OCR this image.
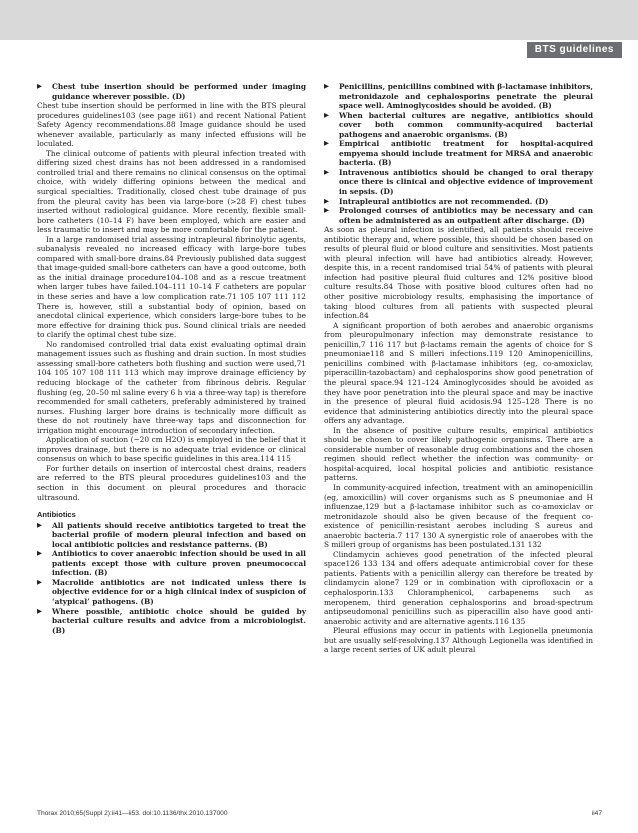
BTS guidelines
▶ Chest tube insertion should be performed under imaging guidance wherever possible. (D)

Chest tube insertion should be performed in line with the BTS pleural procedures guidelines103 (see page ii61) and recent National Patient Safety Agency recommendations.88 Image guidance should be used whenever available, particularly as many infected effusions will be loculated.

The clinical outcome of patients with pleural infection treated with differing sized chest drains has not been addressed in a randomised controlled trial and there remains no clinical consensus on the optimal choice, with widely differing opinions between the medical and surgical specialties. Traditionally, closed chest tube drainage of pus from the pleural cavity has been via large-bore (>28 F) chest tubes inserted without radiological guidance. More recently, flexible small-bore catheters (10–14 F) have been employed, which are easier and less traumatic to insert and may be more comfortable for the patient.

In a large randomised trial assessing intrapleural fibrinolytic agents, subanalysis revealed no increased efficacy with large-bore tubes compared with small-bore drains.84 Previously published data suggest that image-guided small-bore catheters can have a good outcome, both as the initial drainage procedure104–108 and as a rescue treatment when larger tubes have failed.104–111 10–14 F catheters are popular in these series and have a low complication rate.71 105 107 111 112 There is, however, still a substantial body of opinion, based on anecdotal clinical experience, which considers large-bore tubes to be more effective for draining thick pus. Sound clinical trials are needed to clarify the optimal chest tube size.

No randomised controlled trial data exist evaluating optimal drain management issues such as flushing and drain suction. In most studies assessing small-bore catheters both flushing and suction were used,71 104 105 107 108 111 113 which may improve drainage efficiency by reducing blockage of the catheter from fibrinous debris. Regular flushing (eg, 20–50 ml saline every 6 h via a three-way tap) is therefore recommended for small catheters, preferably administered by trained nurses. Flushing larger bore drains is technically more difficult as these do not routinely have three-way taps and disconnection for irrigation might encourage introduction of secondary infection.

Application of suction (−20 cm H2O) is employed in the belief that it improves drainage, but there is no adequate trial evidence or clinical consensus on which to base specific guidelines in this area.114 115

For further details on insertion of intercostal chest drains, readers are referred to the BTS pleural procedures guidelines103 and the section in this document on pleural procedures and thoracic ultrasound.

Antibiotics
▶ All patients should receive antibiotics targeted to treat the bacterial profile of modern pleural infection and based on local antibiotic policies and resistance patterns. (B)
▶ Antibiotics to cover anaerobic infection should be used in all patients except those with culture proven pneumococcal infection. (B)
▶ Macrolide antibiotics are not indicated unless there is objective evidence for or a high clinical index of suspicion of ‘atypical’ pathogens. (B)
▶ Where possible, antibiotic choice should be guided by bacterial culture results and advice from a microbiologist. (B)
▶ Penicillins, penicillins combined with β-lactamase inhibitors, metronidazole and cephalosporins penetrate the pleural space well. Aminoglycosides should be avoided. (B)
▶ When bacterial cultures are negative, antibiotics should cover both common community-acquired bacterial pathogens and anaerobic organisms. (B)
▶ Empirical antibiotic treatment for hospital-acquired empyema should include treatment for MRSA and anaerobic bacteria. (B)
▶ Intravenous antibiotics should be changed to oral therapy once there is clinical and objective evidence of improvement in sepsis. (D)
▶ Intrapleural antibiotics are not recommended. (D)
▶ Prolonged courses of antibiotics may be necessary and can often be administered as an outpatient after discharge. (D)

As soon as pleural infection is identified, all patients should receive antibiotic therapy and, where possible, this should be chosen based on results of pleural fluid or blood culture and sensitivities. Most patients with pleural infection will have had antibiotics already. However, despite this, in a recent randomised trial 54% of patients with pleural infection had positive pleural fluid cultures and 12% positive blood culture results.84 Those with positive blood cultures often had no other positive microbiology results, emphasising the importance of taking blood cultures from all patients with suspected pleural infection.84

A significant proportion of both aerobes and anaerobic organisms from pleuropulmonary infection may demonstrate resistance to penicillin,7 116 117 but β-lactams remain the agents of choice for S pneumoniae118 and S milleri infections.119 120 Aminopenicillins, penicillins combined with β-lactamase inhibitors (eg, co-amoxiclav, piperacillin-tazobactam) and cephalosporins show good penetration of the pleural space.94 121–124 Aminoglycosides should be avoided as they have poor penetration into the pleural space and may be inactive in the presence of pleural fluid acidosis.94 125–128 There is no evidence that administering antibiotics directly into the pleural space offers any advantage.

In the absence of positive culture results, empirical antibiotics should be chosen to cover likely pathogenic organisms. There are a considerable number of reasonable drug combinations and the chosen regimen should reflect whether the infection was community- or hospital-acquired, local hospital policies and antibiotic resistance patterns.

In community-acquired infection, treatment with an aminopenicillin (eg, amoxicillin) will cover organisms such as S pneumoniae and H influenzae,129 but a β-lactamase inhibitor such as co-amoxiclav or metronidazole should also be given because of the frequent co-existence of penicillin-resistant aerobes including S aureus and anaerobic bacteria.7 117 130 A synergistic role of anaerobes with the S milleri group of organisms has been postulated.131 132

Clindamycin achieves good penetration of the infected pleural space126 133 134 and offers adequate antimicrobial cover for these patients. Patients with a penicillin allergy can therefore be treated by clindamycin alone7 129 or in combination with ciprofloxacin or a cephalosporin.133 Chloramphenicol, carbapenems such as meropenem, third generation cephalosporins and broad-spectrum antipseudomonal penicillins such as piperacillin also have good anti-anaerobic activity and are alternative agents.116 135

Pleural effusions may occur in patients with Legionella pneumonia but are usually self-resolving.137 Although Legionella was identified in a large recent series of UK adult pleural

Thorax 2010;65(Suppl 2):ii41—ii53. doi:10.1136/thx.2010.137000	ii47
